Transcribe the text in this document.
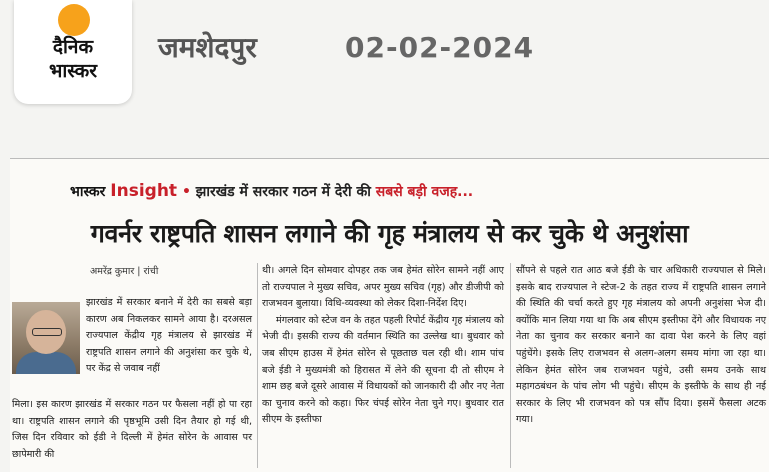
दैनिक
भास्कर
जमशेदपुर	02-02-2024
भास्कर Insight • झारखंड में सरकार गठन में देरी की सबसे बड़ी वजह...
गवर्नर राष्ट्रपति शासन लगाने की गृह मंत्रालय से कर चुके थे अनुशंसा
अमरेंद्र कुमार | रांची

झारखंड में सरकार बनाने में देरी का सबसे बड़ा कारण अब निकलकर सामने आया है। दरअसल राज्यपाल केंद्रीय गृह मंत्रालय से झारखंड में राष्ट्रपति शासन लगाने की अनुशंसा कर चुके थे, पर केंद्र से जवाब नहीं

मिला। इस कारण झारखंड में सरकार गठन पर फैसला नहीं हो पा रहा था। राष्ट्रपति शासन लगाने की पृष्ठभूमि उसी दिन तैयार हो गई थी, जिस दिन रविवार को ईडी ने दिल्ली में हेमंत सोरेन के आवास पर छापेमारी की

थी। अगले दिन सोमवार दोपहर तक जब हेमंत सोरेन सामने नहीं आए तो राज्यपाल ने मुख्य सचिव, अपर मुख्य सचिव (गृह) और डीजीपी को राजभवन बुलाया। विधि-व्यवस्था को लेकर दिशा-निर्देश दिए।

मंगलवार को स्टेज वन के तहत पहली रिपोर्ट केंद्रीय गृह मंत्रालय को भेजी दी। इसकी राज्य की वर्तमान स्थिति का उल्लेख था। बुधवार को जब सीएम हाउस में हेमंत सोरेन से पूछताछ चल रही थी। शाम पांच बजे ईडी ने मुख्यमंत्री को हिरासत में लेने की सूचना दी तो सीएम ने शाम छह बजे दूसरे आवास में विधायकों को जानकारी दी और नए नेता का चुनाव करने को कहा। फिर चंपई सोरेन नेता चुने गए। बुधवार रात सीएम के इस्तीफा

सौंपने से पहले रात आठ बजे ईडी के चार अधिकारी राज्यपाल से मिले। इसके बाद राज्यपाल ने स्टेज-2 के तहत राज्य में राष्ट्रपति शासन लगाने की स्थिति की चर्चा करते हुए गृह मंत्रालय को अपनी अनुशंसा भेज दी। क्योंकि मान लिया गया था कि अब सीएम इस्तीफा देंगे और विधायक नए नेता का चुनाव कर सरकार बनाने का दावा पेश करने के लिए वहां पहुंचेंगे। इसके लिए राजभवन से अलग-अलग समय मांगा जा रहा था। लेकिन हेमंत सोरेन जब राजभवन पहुंचे, उसी समय उनके साथ महागठबंधन के पांच लोग भी पहुंचे। सीएम के इस्तीफे के साथ ही नई सरकार के लिए भी राजभवन को पत्र सौंप दिया। इसमें फैसला अटक गया।
